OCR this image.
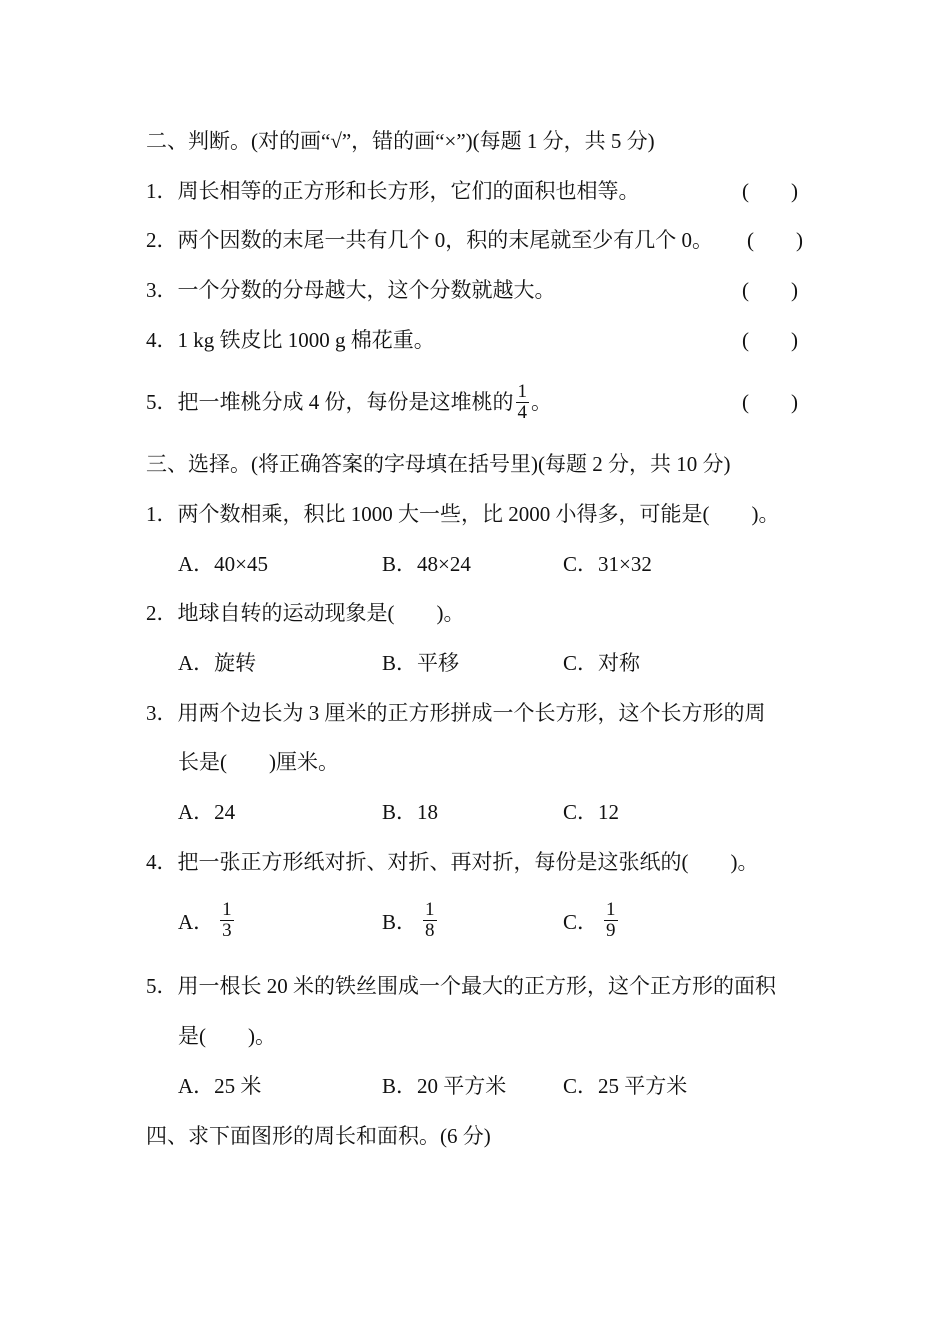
二、判断。(对的画“√”，错的画“×”)(每题 1 分，共 5 分)
1．周长相等的正方形和长方形，它们的面积也相等。	(　　)
2．两个因数的末尾一共有几个 0，积的末尾就至少有几个 0。 (　　)
3．一个分数的分母越大，这个分数就越大。	(　　)
4．1 kg 铁皮比 1000 g 棉花重。	(　　)
5．把一堆桃分成 4 份，每份是这堆桃的 $\frac{1}{4}$ 。	(　　)
三、选择。(将正确答案的字母填在括号里)(每题 2 分，共 10 分)
1．两个数相乘，积比 1000 大一些，比 2000 小得多，可能是(　　)。
A．40×45	B．48×24	C．31×32
2．地球自转的运动现象是(　　)。
A．旋转	B．平移	C．对称
3．用两个边长为 3 厘米的正方形拼成一个长方形，这个长方形的周
长是(　　)厘米。
A．24	B．18	C．12
4．把一张正方形纸对折、对折、再对折，每份是这张纸的(　　)。
A． $\frac{1}{3}$	B． $\frac{1}{8}$	C． $\frac{1}{9}$
5．用一根长 20 米的铁丝围成一个最大的正方形，这个正方形的面积
是(　　)。
A．25 米	B．20 平方米	C．25 平方米
四、求下面图形的周长和面积。(6 分)
